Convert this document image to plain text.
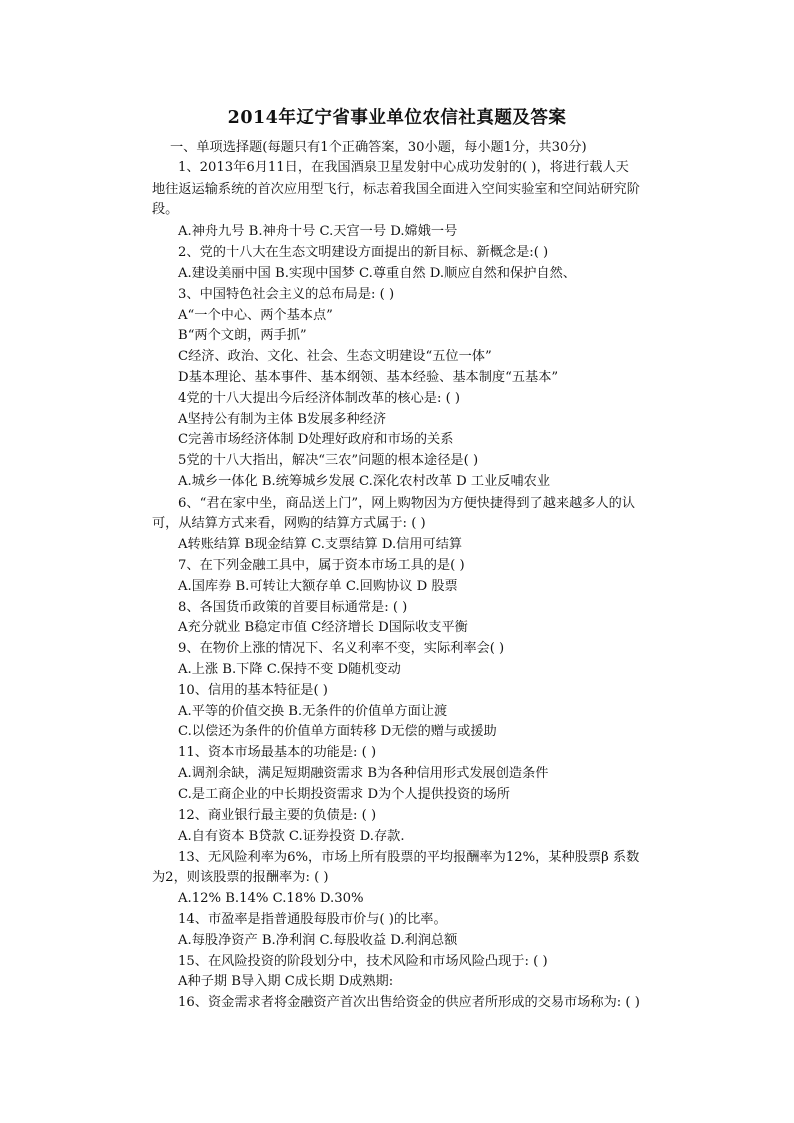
2014年辽宁省事业单位农信社真题及答案
一、单项选择题(每题只有1个正确答案，30小题，每小题1分，共30分)
1、2013年6月11日，在我国酒泉卫星发射中心成功发射的( )，将进行载人天
地往返运输系统的首次应用型飞行，标志着我国全面进入空间实验室和空间站研究阶
段。
A.神舟九号 B.神舟十号 C.天宫一号 D.嫦娥一号
2、党的十八大在生态文明建设方面提出的新目标、新概念是:( )
A.建设美丽中国 B.实现中国梦 C.尊重自然 D.顺应自然和保护自然、
3、中国特色社会主义的总布局是: ( )
A“一个中心、两个基本点”
B“两个文朗，两手抓”
C经济、政治、文化、社会、生态文明建设“五位一体”
D基本理论、基本事件、基本纲领、基本经验、基本制度“五基本”
4党的十八大提出今后经济体制改革的核心是: ( )
A坚持公有制为主体 B发展多种经济
C完善市场经济体制 D处理好政府和市场的关系
5党的十八大指出，解决“三农”问题的根本途径是( )
A.城乡一体化 B.统筹城乡发展 C.深化农村改革 D 工业反哺农业
6、“君在家中坐，商品送上门”，网上购物因为方便快捷得到了越来越多人的认
可，从结算方式来看，网购的结算方式属于: ( )
A转账结算 B现金结算 C.支票结算 D.信用可结算
7、在下列金融工具中，属于资本市场工具的是( )
A.国库券 B.可转让大额存单 C.回购协议 D 股票
8、各国货币政策的首要目标通常是: ( )
A充分就业 B稳定市值 C经济增长 D国际收支平衡
9、在物价上涨的情况下、名义利率不变，实际利率会( )
A.上涨 B.下降 C.保持不变 D随机变动
10、信用的基本特征是( )
A.平等的价值交换 B.无条件的价值单方面让渡
C.以偿还为条件的价值单方面转移 D无偿的赠与或援助
11、资本市场最基本的功能是: ( )
A.调剂余缺，满足短期融资需求 B为各种信用形式发展创造条件
C.是工商企业的中长期投资需求 D为个人提供投资的场所
12、商业银行最主要的负债是: ( )
A.自有资本 B贷款 C.证券投资 D.存款.
13、无风险利率为6%，市场上所有股票的平均报酬率为12%，某种股票β 系数
为2，则该股票的报酬率为: ( )
A.12% B.14% C.18% D.30%
14、市盈率是指普通股每股市价与( )的比率。
A.每股净资产 B.净利润 C.每股收益 D.利润总额
15、在风险投资的阶段划分中，技术风险和市场风险凸现于: ( )
A种子期 B导入期 C成长期 D成熟期:
16、资金需求者将金融资产首次出售给资金的供应者所形成的交易市场称为: ( )
